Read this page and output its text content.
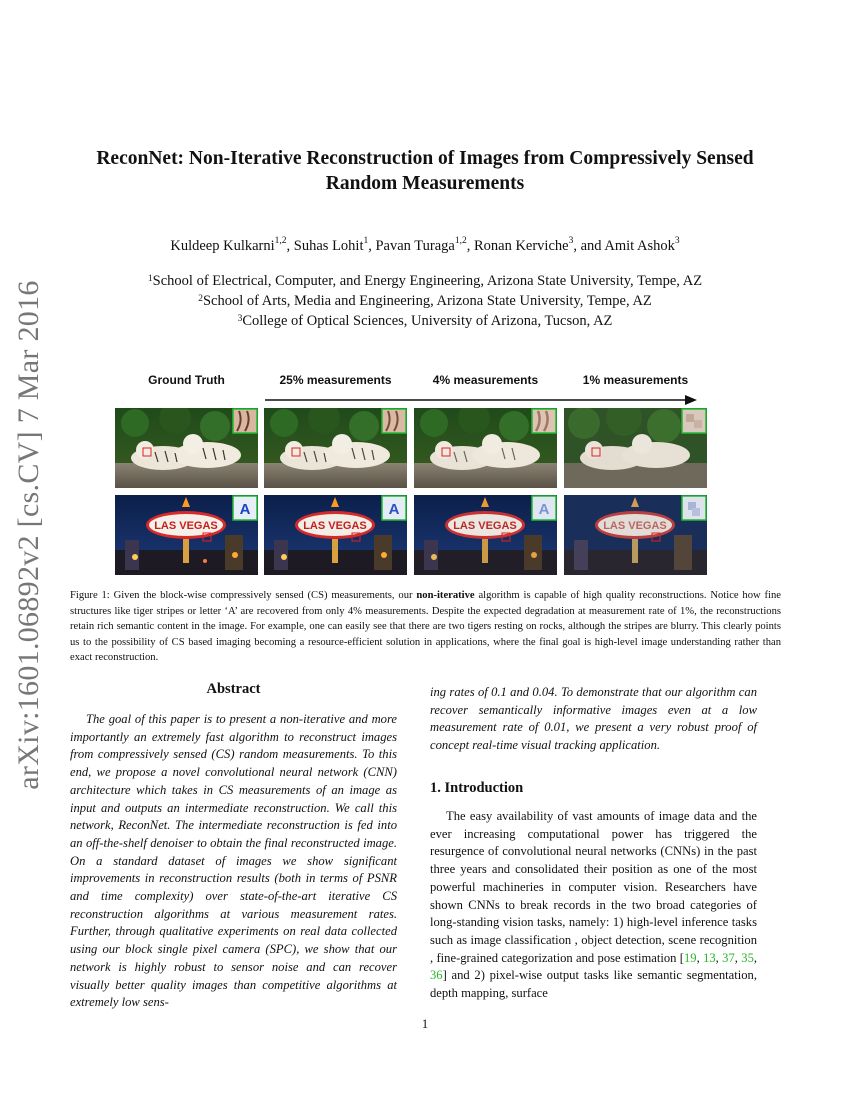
arXiv:1601.06892v2 [cs.CV] 7 Mar 2016
ReconNet: Non-Iterative Reconstruction of Images from Compressively Sensed
Random Measurements
Kuldeep Kulkarni$^{1,2}$, Suhas Lohit$^1$, Pavan Turaga$^{1,2}$, Ronan Kerviche$^3$, and Amit Ashok$^3$
$^1$School of Electrical, Computer, and Energy Engineering, Arizona State University, Tempe, AZ
$^2$School of Arts, Media and Engineering, Arizona State University, Tempe, AZ
$^3$College of Optical Sciences, University of Arizona, Tucson, AZ
Ground Truth	25% measurements	4% measurements	1% measurements
LAS VEGAS
A
LAS VEGAS
A
LAS VEGAS
A
LAS VEGAS
Figure 1: Given the block-wise compressively sensed (CS) measurements, our non-iterative algorithm is capable of high quality reconstructions. Notice how fine structures like tiger stripes or letter ‘A’ are recovered from only 4% measurements. Despite the expected degradation at measurement rate of 1%, the reconstructions retain rich semantic content in the image. For example, one can easily see that there are two tigers resting on rocks, although the stripes are blurry. This clearly points us to the possibility of CS based imaging becoming a resource-efficient solution in applications, where the final goal is high-level image understanding rather than exact reconstruction.
Abstract
The goal of this paper is to present a non-iterative and more importantly an extremely fast algorithm to reconstruct images from compressively sensed (CS) random measurements. To this end, we propose a novel convolutional neural network (CNN) architecture which takes in CS measurements of an image as input and outputs an intermediate reconstruction. We call this network, ReconNet. The intermediate reconstruction is fed into an off-the-shelf denoiser to obtain the final reconstructed image. On a standard dataset of images we show significant improvements in reconstruction results (both in terms of PSNR and time complexity) over state-of-the-art iterative CS reconstruction algorithms at various measurement rates. Further, through qualitative experiments on real data collected using our block single pixel camera (SPC), we show that our network is highly robust to sensor noise and can recover visually better quality images than competitive algorithms at extremely low sens-
ing rates of 0.1 and 0.04. To demonstrate that our algorithm can recover semantically informative images even at a low measurement rate of 0.01, we present a very robust proof of concept real-time visual tracking application.
1. Introduction
The easy availability of vast amounts of image data and the ever increasing computational power has triggered the resurgence of convolutional neural networks (CNNs) in the past three years and consolidated their position as one of the most powerful machineries in computer vision. Researchers have shown CNNs to break records in the two broad categories of long-standing vision tasks, namely: 1) high-level inference tasks such as image classification , object detection, scene recognition , fine-grained categorization and pose estimation [19, 13, 37, 35, 36] and 2) pixel-wise output tasks like semantic segmentation, depth mapping, surface
1
